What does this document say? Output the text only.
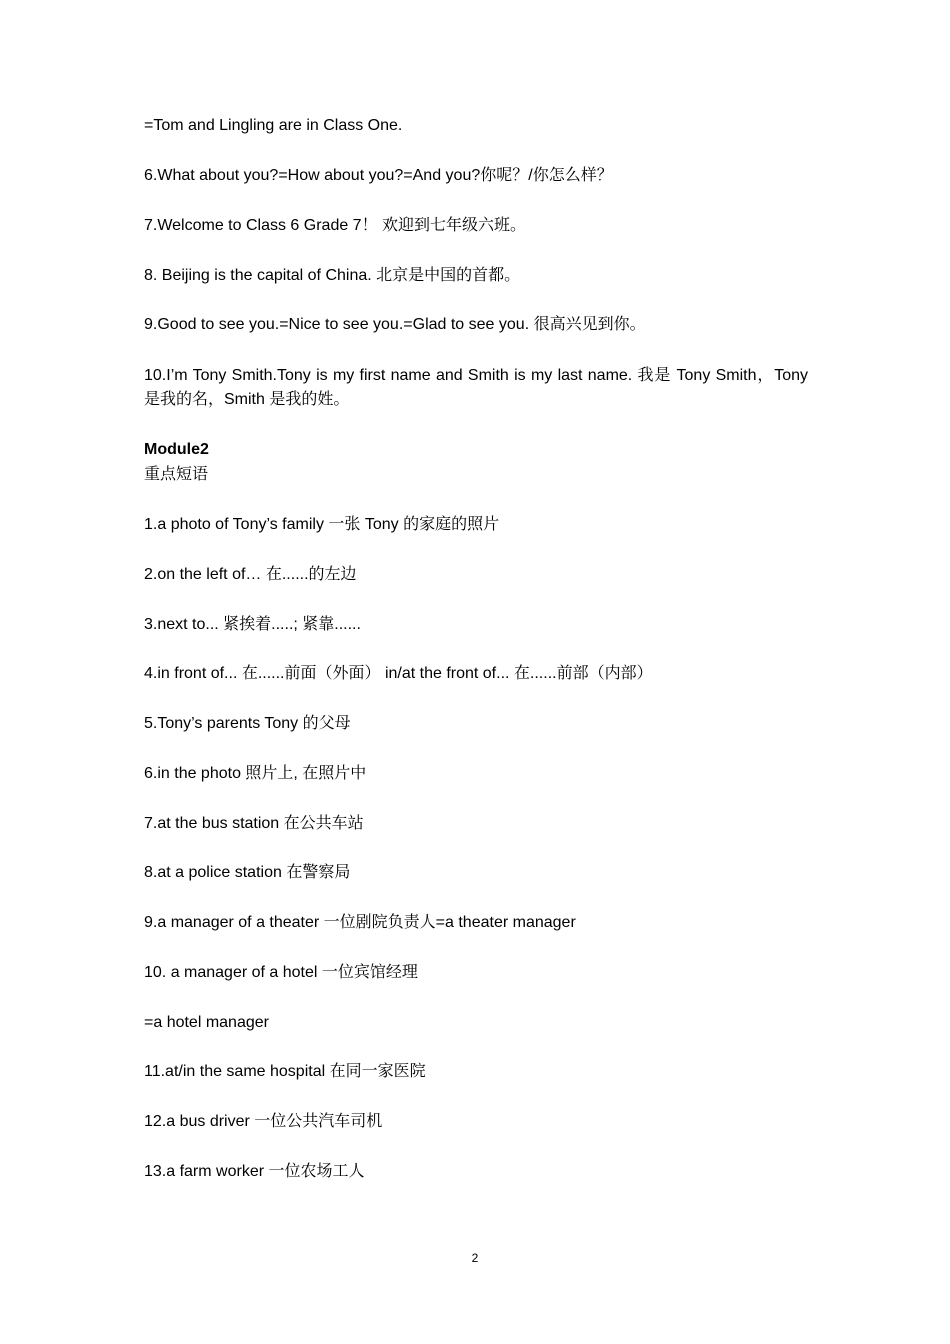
=Tom and Lingling are in Class One.
6.What about you?=How about you?=And you?你呢？/你怎么样？
7.Welcome to Class 6 Grade 7！ 欢迎到七年级六班。
8. Beijing is the capital of China. 北京是中国的首都。
9.Good to see you.=Nice to see you.=Glad to see you. 很高兴见到你。
10.I’m Tony Smith.Tony is my first name and Smith is my last name. 我是 Tony Smith，Tony 是我的名，Smith 是我的姓。
Module2
重点短语
1.a photo of Tony’s family 一张 Tony 的家庭的照片
2.on the left of… 在......的左边
3.next to... 紧挨着.....; 紧靠......
4.in front of... 在......前面（外面） in/at the front of... 在......前部（内部）
5.Tony’s parents Tony 的父母
6.in the photo 照片上, 在照片中
7.at the bus station 在公共车站
8.at a police station 在警察局
9.a manager of a theater 一位剧院负责人=a theater manager
10. a manager of a hotel 一位宾馆经理
=a hotel manager
11.at/in the same hospital 在同一家医院
12.a bus driver 一位公共汽车司机
13.a farm worker 一位农场工人
2
